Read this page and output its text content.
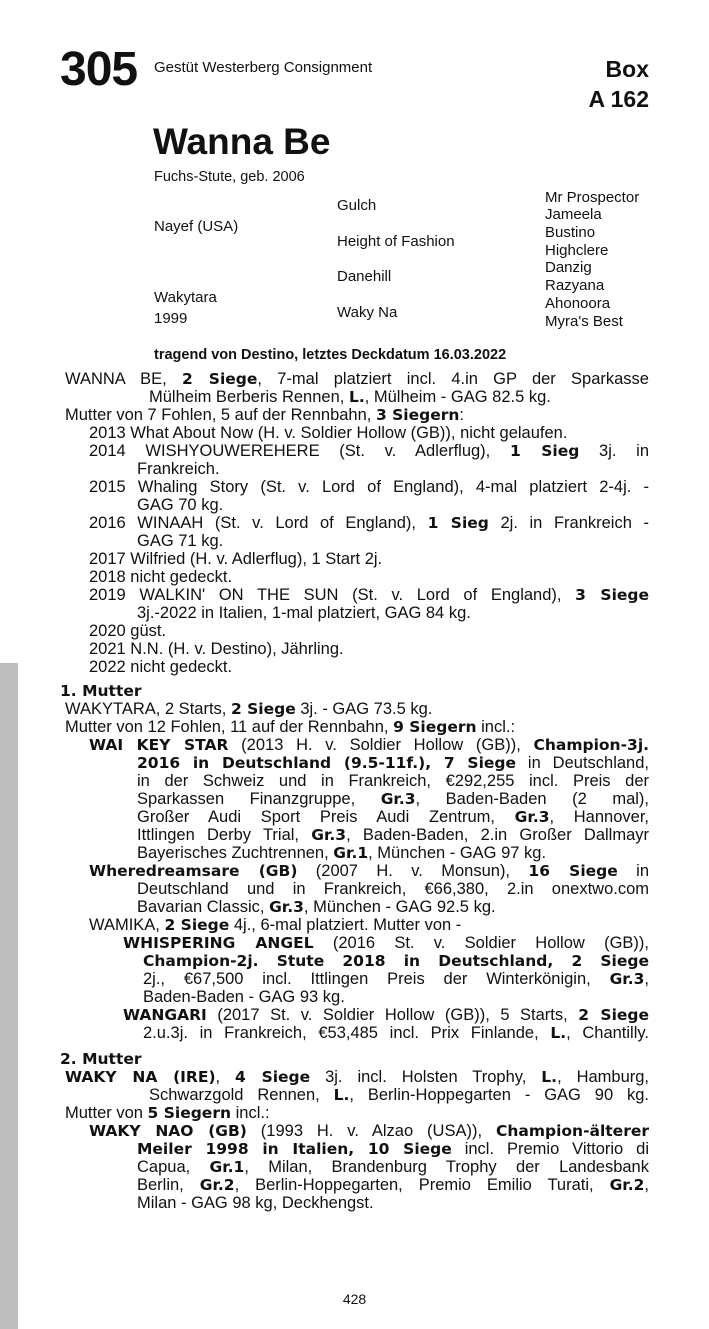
305 Gestüt Westerberg Consignment	Box
A 162
Wanna Be
Fuchs-Stute, geb. 2006
Nayef (USA)
Wakytara
1999
Gulch
Height of Fashion
Danehill
Waky Na
Mr Prospector
Jameela
Bustino
Highclere
Danzig
Razyana
Ahonoora
Myra's Best
tragend von Destino, letztes Deckdatum 16.03.2022

WANNA BE, 2 Siege, 7-mal platziert incl. 4.in GP der Sparkasse

Mülheim Berberis Rennen, L., Mülheim - GAG 82.5 kg.

Mutter von 7 Fohlen, 5 auf der Rennbahn, 3 Siegern:

2013 What About Now (H. v. Soldier Hollow (GB)), nicht gelaufen.

2014 WISHYOUWEREHERE (St. v. Adlerflug), 1 Sieg 3j. in

Frankreich.

2015 Whaling Story (St. v. Lord of England), 4-mal platziert 2-4j. -

GAG 70 kg.

2016 WINAAH (St. v. Lord of England), 1 Sieg 2j. in Frankreich -

GAG 71 kg.

2017 Wilfried (H. v. Adlerflug), 1 Start 2j.

2018 nicht gedeckt.

2019 WALKIN' ON THE SUN (St. v. Lord of England), 3 Siege

3j.-2022 in Italien, 1-mal platziert, GAG 84 kg.

2020 güst.

2021 N.N. (H. v. Destino), Jährling.

2022 nicht gedeckt.

1. Mutter

WAKYTARA, 2 Starts, 2 Siege 3j. - GAG 73.5 kg.

Mutter von 12 Fohlen, 11 auf der Rennbahn, 9 Siegern incl.:

WAI KEY STAR (2013 H. v. Soldier Hollow (GB)), Champion-3j.

2016 in Deutschland (9.5-11f.), 7 Siege in Deutschland,

in der Schweiz und in Frankreich, €292,255 incl. Preis der

Sparkassen Finanzgruppe, Gr.3, Baden-Baden (2 mal),

Großer Audi Sport Preis Audi Zentrum, Gr.3, Hannover,

Ittlingen Derby Trial, Gr.3, Baden-Baden, 2.in Großer Dallmayr

Bayerisches Zuchtrennen, Gr.1, München - GAG 97 kg.

Wheredreamsare (GB) (2007 H. v. Monsun), 16 Siege in

Deutschland und in Frankreich, €66,380, 2.in onextwo.com

Bavarian Classic, Gr.3, München - GAG 92.5 kg.

WAMIKA, 2 Siege 4j., 6-mal platziert. Mutter von -

WHISPERING ANGEL (2016 St. v. Soldier Hollow (GB)),

Champion-2j. Stute 2018 in Deutschland, 2 Siege

2j., €67,500 incl. Ittlingen Preis der Winterkönigin, Gr.3,

Baden-Baden - GAG 93 kg.

WANGARI (2017 St. v. Soldier Hollow (GB)), 5 Starts, 2 Siege

2.u.3j. in Frankreich, €53,485 incl. Prix Finlande, L., Chantilly.

2. Mutter

WAKY NA (IRE), 4 Siege 3j. incl. Holsten Trophy, L., Hamburg,

Schwarzgold Rennen, L., Berlin-Hoppegarten - GAG 90 kg.

Mutter von 5 Siegern incl.:

WAKY NAO (GB) (1993 H. v. Alzao (USA)), Champion-älterer

Meiler 1998 in Italien, 10 Siege incl. Premio Vittorio di

Capua, Gr.1, Milan, Brandenburg Trophy der Landesbank

Berlin, Gr.2, Berlin-Hoppegarten, Premio Emilio Turati, Gr.2,

Milan - GAG 98 kg, Deckhengst.

428
